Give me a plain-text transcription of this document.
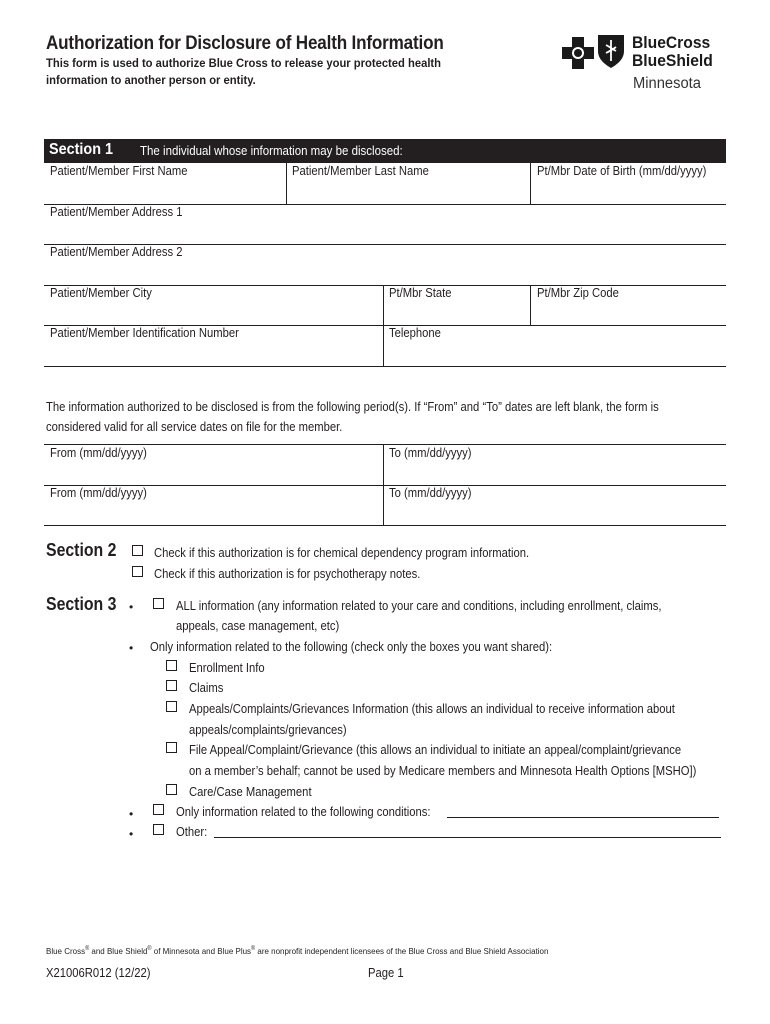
Authorization for Disclosure of Health Information
This form is used to authorize Blue Cross to release your protected health
information to another person or entity.
BlueCross
BlueShield
Minnesota
Section 1 The individual whose information may be disclosed:
Patient/Member First Name	Patient/Member Last Name	Pt/Mbr Date of Birth (mm/dd/yyyy)
Patient/Member Address 1
Patient/Member Address 2
Patient/Member City	Pt/Mbr State	Pt/Mbr Zip Code
Patient/Member Identification Number	Telephone
The information authorized to be disclosed is from the following period(s). If “From” and “To” dates are left blank, the form is
considered valid for all service dates on file for the member.
From (mm/dd/yyyy)	To (mm/dd/yyyy)
From (mm/dd/yyyy)	To (mm/dd/yyyy)
Section 2	Check if this authorization is for chemical dependency program information.
Check if this authorization is for psychotherapy notes.
Section 3 •	ALL information (any information related to your care and conditions, including enrollment, claims,
appeals, case management, etc)
• Only information related to the following (check only the boxes you want shared):
Enrollment Info
Claims
Appeals/Complaints/Grievances Information (this allows an individual to receive information about
appeals/complaints/grievances)
File Appeal/Complaint/Grievance (this allows an individual to initiate an appeal/complaint/grievance
on a member’s behalf; cannot be used by Medicare members and Minnesota Health Options [MSHO])
Care/Case Management
•	Only information related to the following conditions:
•	Other:
Blue Cross® and Blue Shield® of Minnesota and Blue Plus® are nonprofit independent licensees of the Blue Cross and Blue Shield Association
X21006R012 (12/22)	Page 1
